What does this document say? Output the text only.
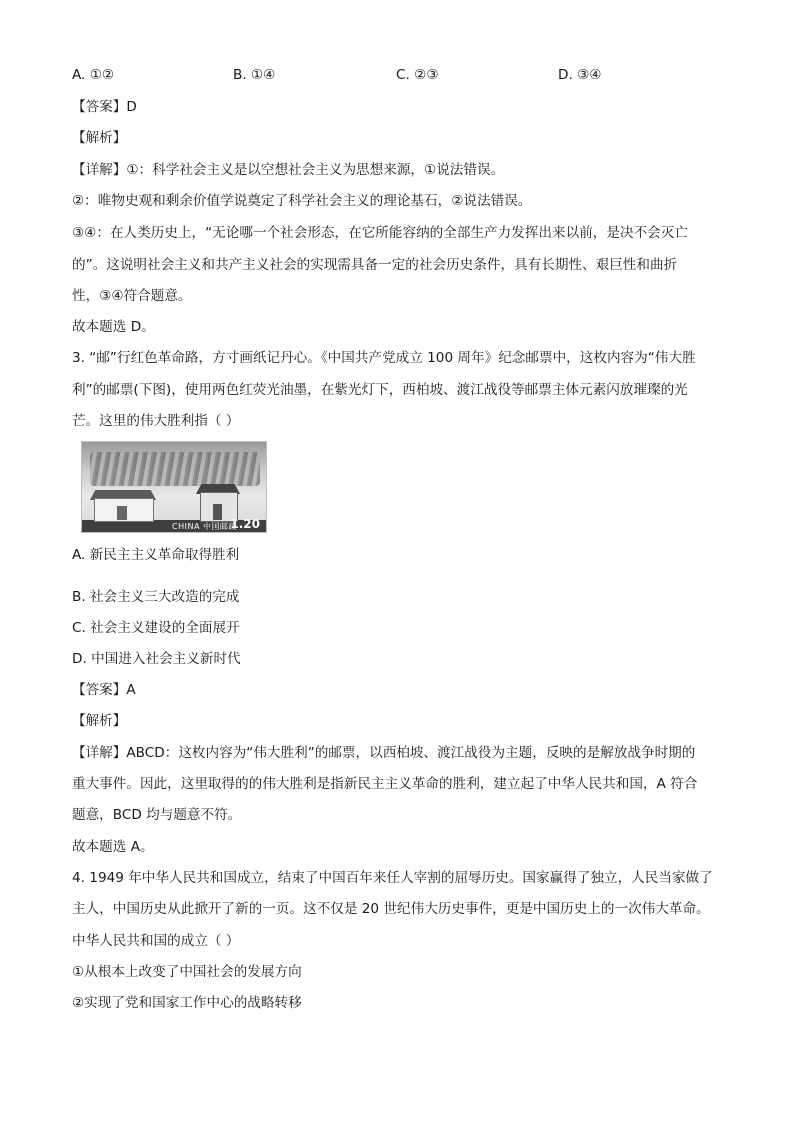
A. ①②	B. ①④	C. ②③	D. ③④
【答案】D
【解析】
【详解】①：科学社会主义是以空想社会主义为思想来源，①说法错误。
②：唯物史观和剩余价值学说奠定了科学社会主义的理论基石，②说法错误。
③④：在人类历史上，“无论哪一个社会形态，在它所能容纳的全部生产力发挥出来以前，是决不会灭亡
的”。这说明社会主义和共产主义社会的实现需具备一定的社会历史条件，具有长期性、艰巨性和曲折
性，③④符合题意。
故本题选 D。
3. “邮”行红色革命路，方寸画纸记丹心。《中国共产党成立 100 周年》纪念邮票中，这枚内容为“伟大胜
利”的邮票(下图)，使用两色红荧光油墨，在紫光灯下，西柏坡、渡江战役等邮票主体元素闪放璀璨的光
芒。这里的伟大胜利指（ ）
CHINA 中国邮政
1.20
A. 新民主主义革命取得胜利
B. 社会主义三大改造的完成
C. 社会主义建设的全面展开
D. 中国进入社会主义新时代
【答案】A
【解析】
【详解】ABCD：这枚内容为“伟大胜利”的邮票，以西柏坡、渡江战役为主题，反映的是解放战争时期的
重大事件。因此，这里取得的的伟大胜利是指新民主主义革命的胜利，建立起了中华人民共和国，A 符合
题意，BCD 均与题意不符。
故本题选 A。
4. 1949 年中华人民共和国成立，结束了中国百年来任人宰割的屈辱历史。国家赢得了独立，人民当家做了
主人，中国历史从此掀开了新的一页。这不仅是 20 世纪伟大历史事件，更是中国历史上的一次伟大革命。
中华人民共和国的成立（ ）
①从根本上改变了中国社会的发展方向
②实现了党和国家工作中心的战略转移
